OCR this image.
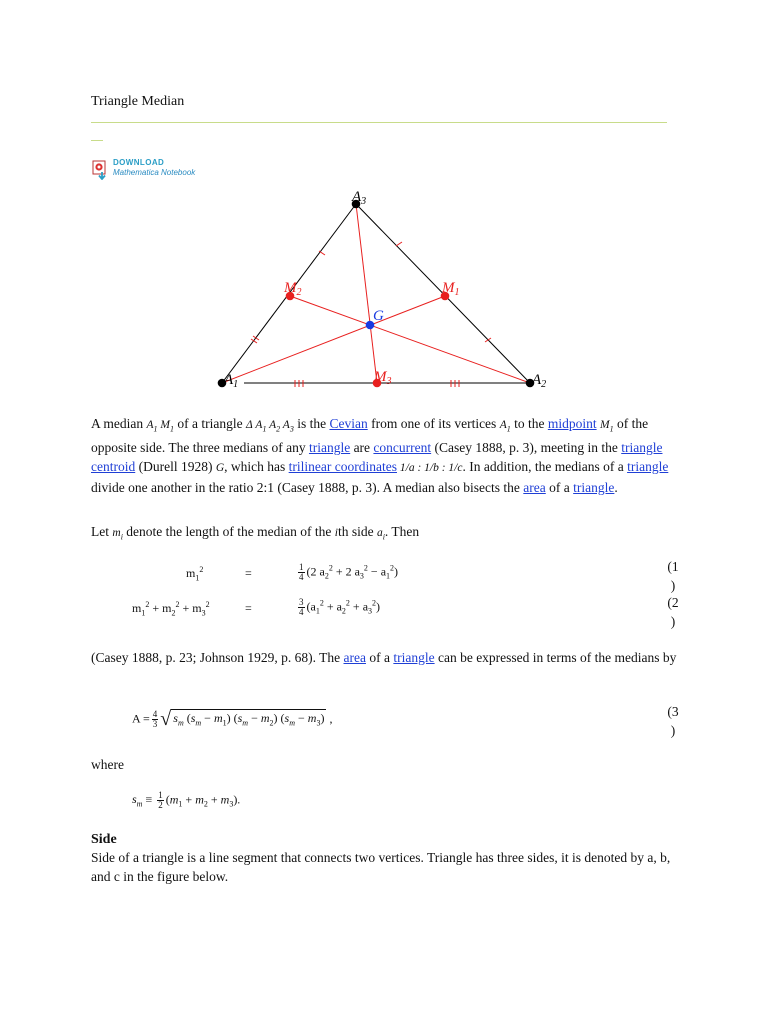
Triangle Median
DOWNLOAD
Mathematica Notebook
$A_3$
$A_1$	$A_2$
$M_2$	$M_1$
$M_3$
G
A median $A_1$ $M_1$ of a triangle Δ $A_1$ $A_2$ $A_3$ is the Cevian from one of its vertices $A_1$ to the midpoint $M_1$ of the opposite side. The three medians of any triangle are concurrent (Casey 1888, p. 3), meeting in the triangle centroid (Durell 1928) G, which has trilinear coordinates 1/a : 1/b : 1/c. In addition, the medians of a triangle divide one another in the ratio 2:1 (Casey 1888, p. 3). A median also bisects the area of a triangle.
Let $m_i$ denote the length of the median of the ith side $a_i$. Then
$m_1^2$	=	$\frac{1}{4} (2$ $a_2^2 + 2$ $a_3^2 - a_1^2$)	(1
)
$m_1^2 + m_2^2 + m_3^2$	=	$\frac{3}{4} (a_1^2 + a_2^2 + a_3^2)$	(2
)
(Casey 1888, p. 23; Johnson 1929, p. 68). The area of a triangle can be expressed in terms of the medians by
$A = \frac{4}{3}$ √ $s_m$ $(s_m - m_1) (s_m - m_2) (s_m - m_3)$ ,	(3
)
where
$s_m \equiv \frac{1}{2} (m_1 + m_2 + m_3)$.
Side
Side of a triangle is a line segment that connects two vertices. Triangle has three sides, it is denoted by a, b, and c in the figure below.
